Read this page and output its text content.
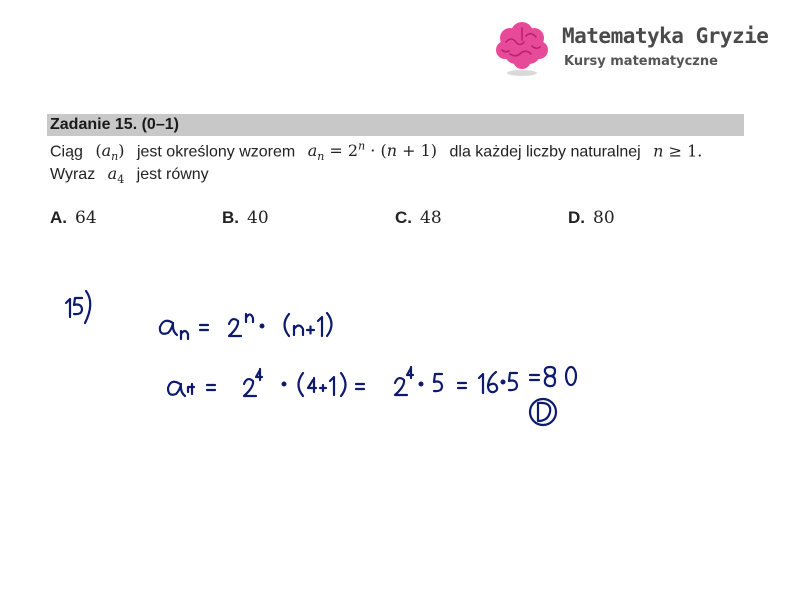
Matematyka Gryzie
Kursy matematyczne
Zadanie 15. (0–1)
Ciąg $(a_n)$ jest określony wzorem $a_n = 2^n \cdot (n + 1)$ dla każdej liczby naturalnej n ≥ 1.
Wyraz $a_4$ jest równy
A. 64	B. 40	C. 48	D. 80
